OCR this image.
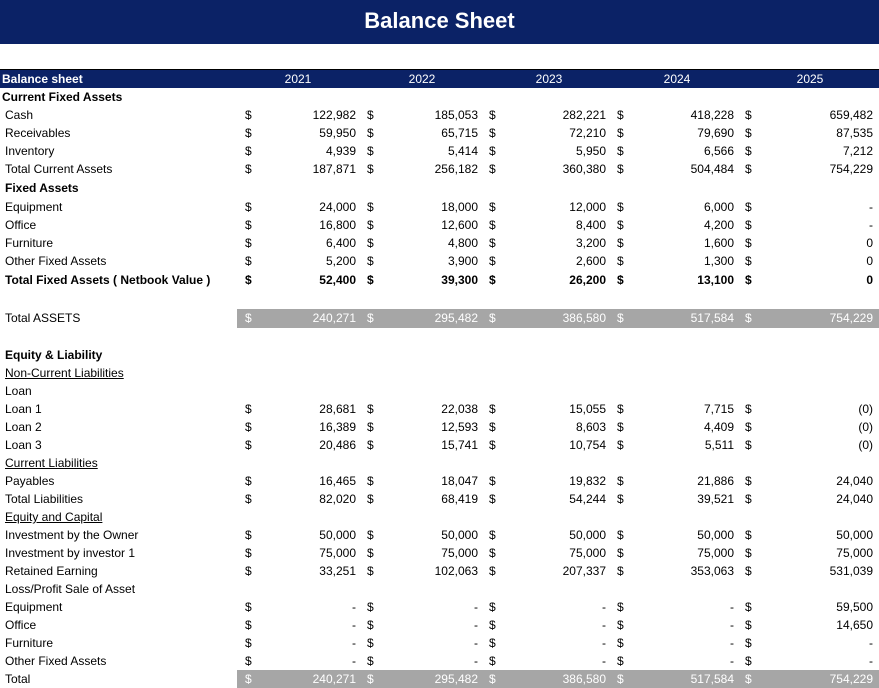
Balance Sheet
Balance sheet	2021	2022	2023	2024	2025
Current Fixed Assets
Cash	$	122,982 $	185,053 $	282,221 $	418,228 $	659,482
Receivables	$	59,950 $	65,715 $	72,210 $	79,690 $	87,535
Inventory	$	4,939 $	5,414 $	5,950 $	6,566 $	7,212
Total Current Assets	$	187,871 $	256,182 $	360,380 $	504,484 $	754,229
Fixed Assets
Equipment	$	24,000 $	18,000 $	12,000 $	6,000 $	-
Office	$	16,800 $	12,600 $	8,400 $	4,200 $	-
Furniture	$	6,400 $	4,800 $	3,200 $	1,600 $	0
Other Fixed Assets	$	5,200 $	3,900 $	2,600 $	1,300 $	0
Total Fixed Assets ( Netbook Value )	$	52,400 $	39,300 $	26,200 $	13,100 $	0
Total ASSETS	$	240,271 $	295,482 $	386,580 $	517,584 $	754,229
Equity & Liability
Non-Current Liabilities
Loan
Loan 1	$	28,681 $	22,038 $	15,055 $	7,715 $	(0)
Loan 2	$	16,389 $	12,593 $	8,603 $	4,409 $	(0)
Loan 3	$	20,486 $	15,741 $	10,754 $	5,511 $	(0)
Current Liabilities
Payables	$	16,465 $	18,047 $	19,832 $	21,886 $	24,040
Total Liabilities	$	82,020 $	68,419 $	54,244 $	39,521 $	24,040
Equity and Capital
Investment by the Owner	$	50,000 $	50,000 $	50,000 $	50,000 $	50,000
Investment by investor 1	$	75,000 $	75,000 $	75,000 $	75,000 $	75,000
Retained Earning	$	33,251 $	102,063 $	207,337 $	353,063 $	531,039
Loss/Profit Sale of Asset
Equipment	$	- $	- $	- $	- $	59,500
Office	$	- $	- $	- $	- $	14,650
Furniture	$	- $	- $	- $	- $	-
Other Fixed Assets	$	- $	- $	- $	- $	-
Total	$	240,271 $	295,482 $	386,580 $	517,584 $	754,229
